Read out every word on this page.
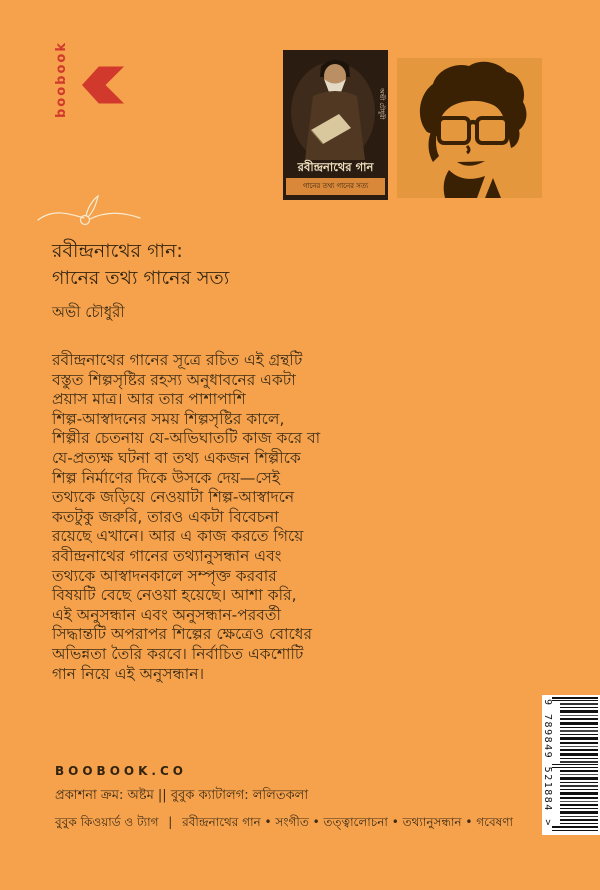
boobook	অভী চৌধুরী
রবীন্দ্রনাথের গান
গানের তথ্য গানের সত্য
রবীন্দ্রনাথের গান:
গানের তথ্য গানের সত্য
অভী চৌধুরী
রবীন্দ্রনাথের গানের সূত্রে রচিত এই গ্রন্থটি
বস্তুত শিল্পসৃষ্টির রহস্য অনুধাবনের একটা
প্রয়াস মাত্র। আর তার পাশাপাশি
শিল্প-আস্বাদনের সময় শিল্পসৃষ্টির কালে,
শিল্পীর চেতনায় যে-অভিঘাতটি কাজ করে বা
যে-প্রত্যক্ষ ঘটনা বা তথ্য একজন শিল্পীকে
শিল্প নির্মাণের দিকে উসকে দেয়—সেই
তথ্যকে জড়িয়ে নেওয়াটা শিল্প-আস্বাদনে
কতটুকু জরুরি, তারও একটা বিবেচনা
রয়েছে এখানে। আর এ কাজ করতে গিয়ে
রবীন্দ্রনাথের গানের তথ্যানুসন্ধান এবং
তথ্যকে আস্বাদনকালে সম্পৃক্ত করবার
বিষয়টি বেছে নেওয়া হয়েছে। আশা করি,
এই অনুসন্ধান এবং অনুসন্ধান-পরবর্তী
সিদ্ধান্তটি অপরাপর শিল্পের ক্ষেত্রেও বোধের
অভিন্নতা তৈরি করবে। নির্বাচিত একশোটি
গান নিয়ে এই অনুসন্ধান।
9 789849 521884 >
BOOBOOK.CO
প্রকাশনা ক্রম: অষ্টম || বুবুক ক্যাটালগ: ললিতকলা
বুবুক কিওয়ার্ড ও ট্যাগ | রবীন্দ্রনাথের গান • সংগীত • তত্ত্বালোচনা • তথ্যানুসন্ধান • গবেষণা
